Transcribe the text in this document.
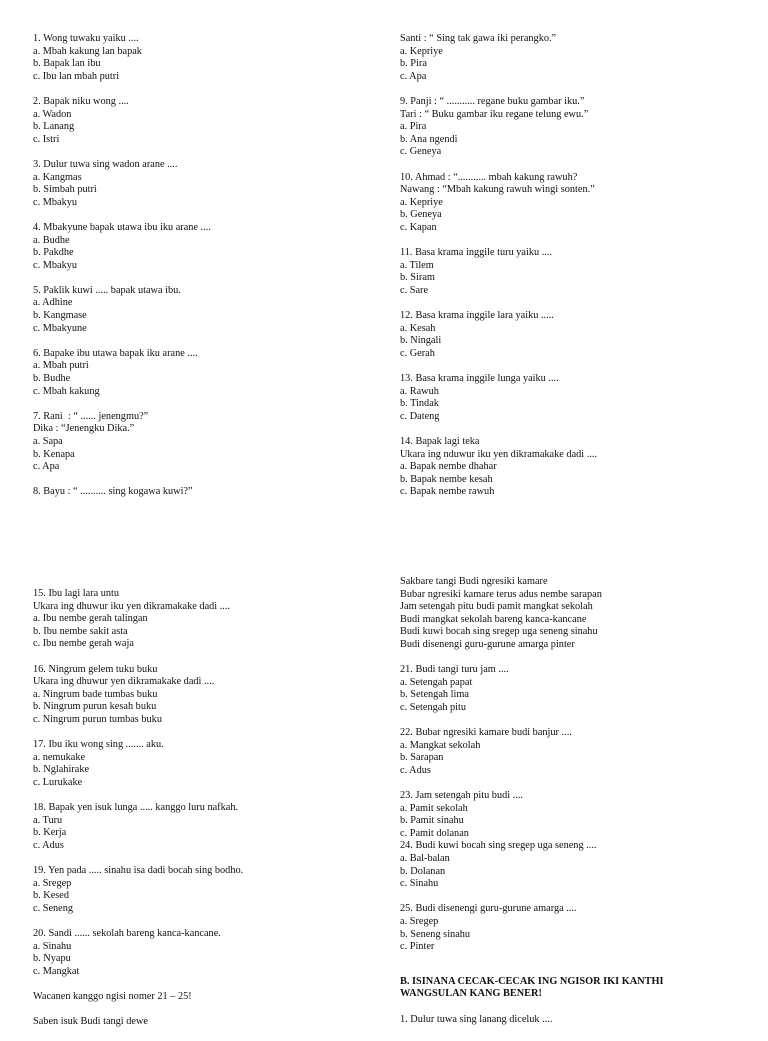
1. Wong tuwaku yaiku ....
a. Mbah kakung lan bapak
b. Bapak lan ibu
c. Ibu lan mbah putri
2. Bapak niku wong ....
a. Wadon
b. Lanang
c. Istri
3. Dulur tuwa sing wadon arane ....
a. Kangmas
b. Simbah putri
c. Mbakyu
4. Mbakyune bapak utawa ibu iku arane ....
a. Budhe
b. Pakdhe
c. Mbakyu
5. Paklik kuwi ..... bapak utawa ibu.
a. Adhine
b. Kangmase
c. Mbakyune
6. Bapake ibu utawa bapak iku arane ....
a. Mbah putri
b. Budhe
c. Mbah kakung
7. Rani  : “ ...... jenengmu?”
Dika : “Jenengku Dika.”
a. Sapa
b. Kenapa
c. Apa
8. Bayu : “ .......... sing kogawa kuwi?”
Santi : “ Sing tak gawa iki perangko.”
a. Kepriye
b. Pira
c. Apa
9. Panji : “ ........... regane buku gambar iku.”
Tari : “ Buku gambar iku regane telung ewu.”
a. Pira
b. Ana ngendi
c. Geneya
10. Ahmad : “........... mbah kakung rawuh?
Nawang : “Mbah kakung rawuh wingi sonten.”
a. Kepriye
b. Geneya
c. Kapan
11. Basa krama inggile turu yaiku ....
a. Tilem
b. Siram
c. Sare
12. Basa krama inggile lara yaiku .....
a. Kesah
b. Ningali
c. Gerah
13. Basa krama inggile lunga yaiku ....
a. Rawuh
b. Tindak
c. Dateng
14. Bapak lagi teka
Ukara ing nduwur iku yen dikramakake dadi ....
a. Bapak nembe dhahar
b. Bapak nembe kesah
c. Bapak nembe rawuh
15. Ibu lagi lara untu
Ukara ing dhuwur iku yen dikramakake dadi ....
a. Ibu nembe gerah talingan
b. Ibu nembe sakit asta
c. Ibu nembe gerah waja
16. Ningrum gelem tuku buku
Ukara ing dhuwur yen dikramakake dadi ....
a. Ningrum bade tumbas buku
b. Ningrum purun kesah buku
c. Ningrum purun tumbas buku
17. Ibu iku wong sing ....... aku.
a. nemukake
b. Nglahirake
c. Lurukake
18. Bapak yen isuk lunga ..... kanggo luru nafkah.
a. Turu
b. Kerja
c. Adus
19. Yen pada ..... sinahu isa dadi bocah sing bodho.
a. Sregep
b. Kesed
c. Seneng
20. Sandi ...... sekolah bareng kanca-kancane.
a. Sinahu
b. Nyapu
c. Mangkat
Wacanen kanggo ngisi nomer 21 – 25!
Saben isuk Budi tangi dewe
Sakbare tangi Budi ngresiki kamare
Bubar ngresiki kamare terus adus nembe sarapan
Jam setengah pitu budi pamit mangkat sekolah
Budi mangkat sekolah bareng kanca-kancane
Budi kuwi bocah sing sregep uga seneng sinahu
Budi disenengi guru-gurune amarga pinter
21. Budi tangi turu jam ....
a. Setengah papat
b. Setengah lima
c. Setengah pitu
22. Bubar ngresiki kamare budi banjur ....
a. Mangkat sekolah
b. Sarapan
c. Adus
23. Jam setengah pitu budi ....
a. Pamit sekolah
b. Pamit sinahu
c. Pamit dolanan
24. Budi kuwi bocah sing sregep uga seneng ....
a. Bal-balan
b. Dolanan
c. Sinahu
25. Budi disenengi guru-gurune amarga ....
a. Sregep
b. Seneng sinahu
c. Pinter
B. ISINANA CECAK-CECAK ING NGISOR IKI KANTHI
WANGSULAN KANG BENER!
1. Dulur tuwa sing lanang diceluk ....
